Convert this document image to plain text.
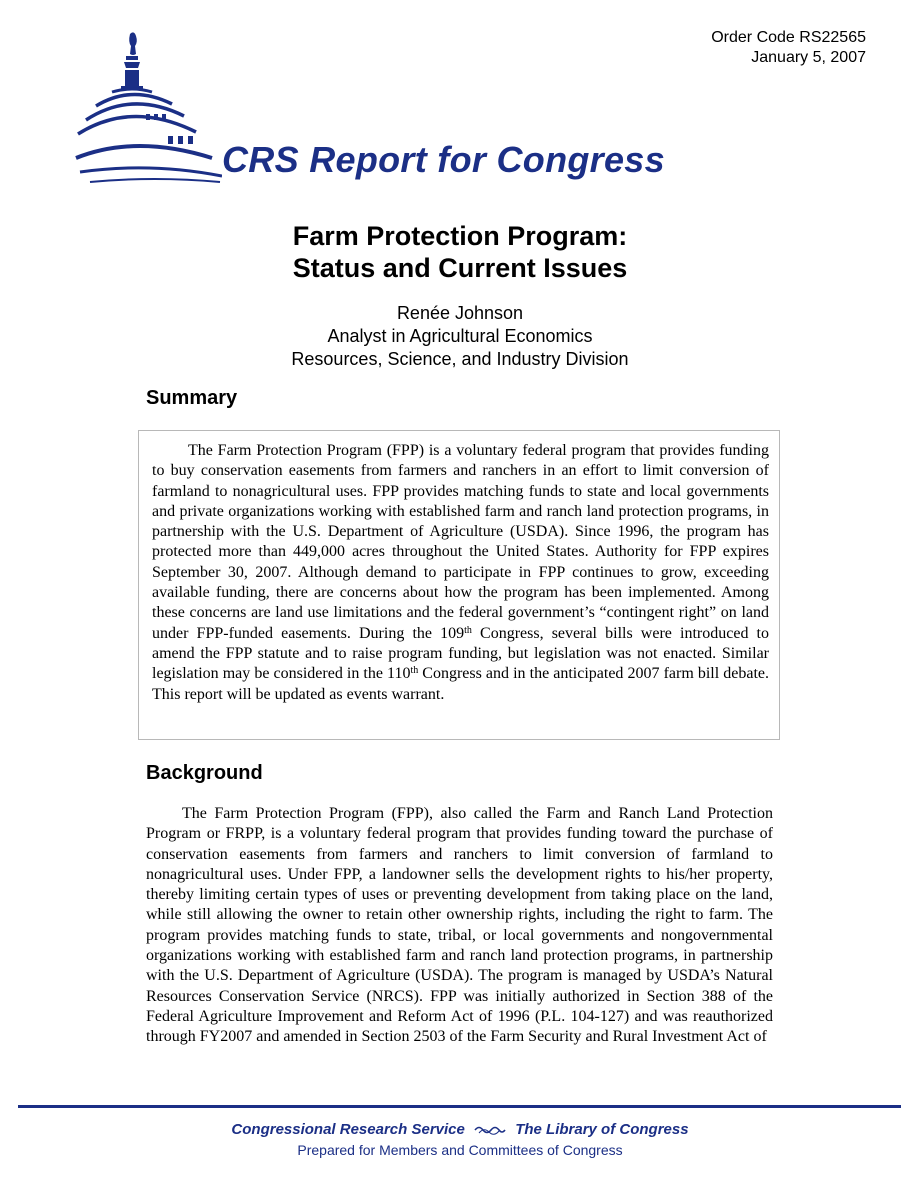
Order Code RS22565
January 5, 2007
CRS Report for Congress
Farm Protection Program:
Status and Current Issues
Renée Johnson
Analyst in Agricultural Economics
Resources, Science, and Industry Division
Summary

The Farm Protection Program (FPP) is a voluntary federal program that provides funding to buy conservation easements from farmers and ranchers in an effort to limit conversion of farmland to nonagricultural uses. FPP provides matching funds to state and local governments and private organizations working with established farm and ranch land protection programs, in partnership with the U.S. Department of Agriculture (USDA). Since 1996, the program has protected more than 449,000 acres throughout the United States. Authority for FPP expires September 30, 2007. Although demand to participate in FPP continues to grow, exceeding available funding, there are concerns about how the program has been implemented. Among these concerns are land use limitations and the federal government’s “contingent right” on land under FPP-funded easements. During the 109th Congress, several bills were introduced to amend the FPP statute and to raise program funding, but legislation was not enacted. Similar legislation may be considered in the 110th Congress and in the anticipated 2007 farm bill debate. This report will be updated as events warrant.

Background

The Farm Protection Program (FPP), also called the Farm and Ranch Land Protection Program or FRPP, is a voluntary federal program that provides funding toward the purchase of conservation easements from farmers and ranchers to limit conversion of farmland to nonagricultural uses. Under FPP, a landowner sells the development rights to his/her property, thereby limiting certain types of uses or preventing development from taking place on the land, while still allowing the owner to retain other ownership rights, including the right to farm. The program provides matching funds to state, tribal, or local governments and nongovernmental organizations working with established farm and ranch land protection programs, in partnership with the U.S. Department of Agriculture (USDA). The program is managed by USDA’s Natural Resources Conservation Service (NRCS). FPP was initially authorized in Section 388 of the Federal Agriculture Improvement and Reform Act of 1996 (P.L. 104-127) and was reauthorized through FY2007 and amended in Section 2503 of the Farm Security and Rural Investment Act of

Congressional Research Service	The Library of Congress
Prepared for Members and Committees of Congress
